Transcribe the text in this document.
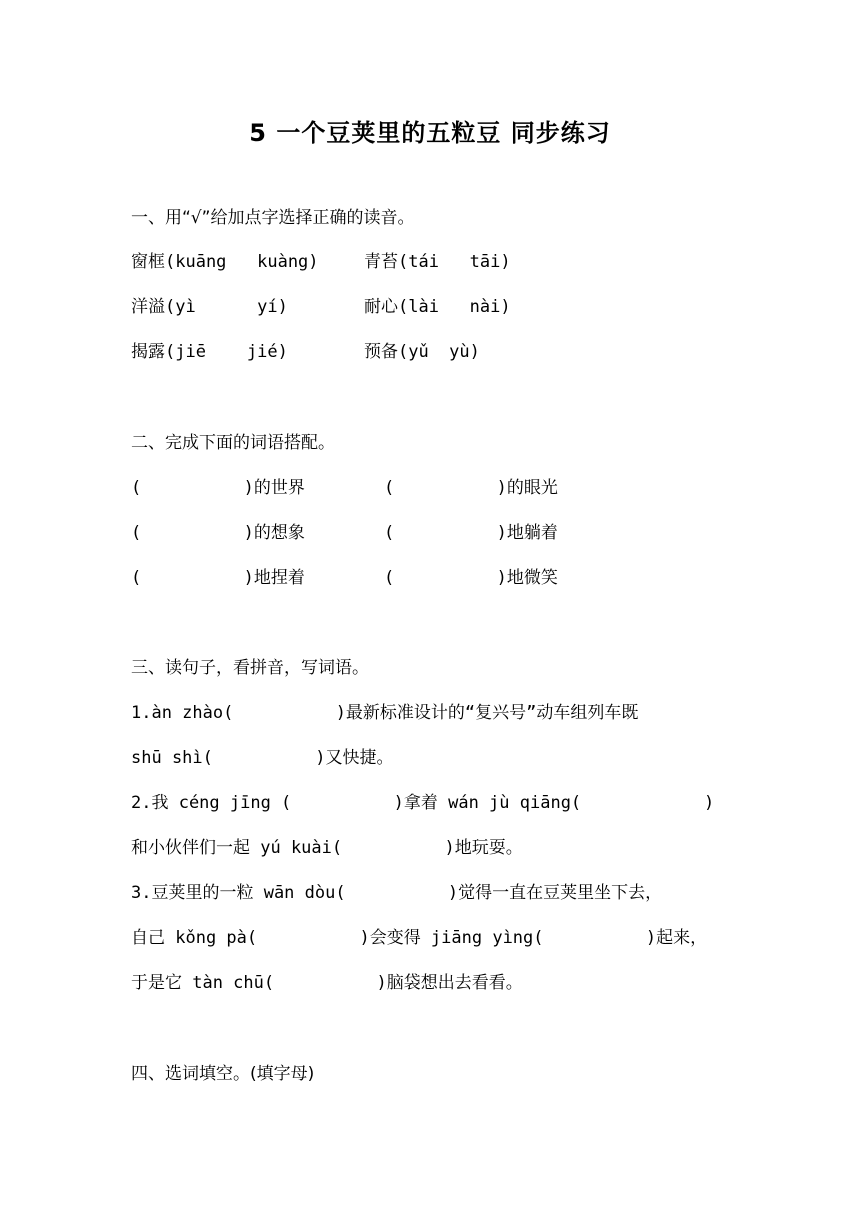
5 一个豆荚里的五粒豆 同步练习
一、用“√”给加点字选择正确的读音。
窗框(kuāng   kuàng)	青苔(tái   tāi)
洋溢(yì      yí)	耐心(lài   nài)
揭露(jiē    jié)	预备(yǔ  yù)
二、完成下面的词语搭配。
(          )的世界	(          )的眼光
(          )的想象	(          )地躺着
(          )地捏着	(          )地微笑
三、读句子，看拼音，写词语。
1.àn zhào(          )最新标准设计的“复兴号”动车组列车既
shū shì(          )又快捷。
2.我 céng jīng (          )拿着 wán jù qiāng(            )
和小伙伴们一起 yú kuài(          )地玩耍。
3.豆荚里的一粒 wān dòu(          )觉得一直在豆荚里坐下去，
自己 kǒng pà(          )会变得 jiāng yìng(          )起来，
于是它 tàn chū(          )脑袋想出去看看。
四、选词填空。(填字母)
